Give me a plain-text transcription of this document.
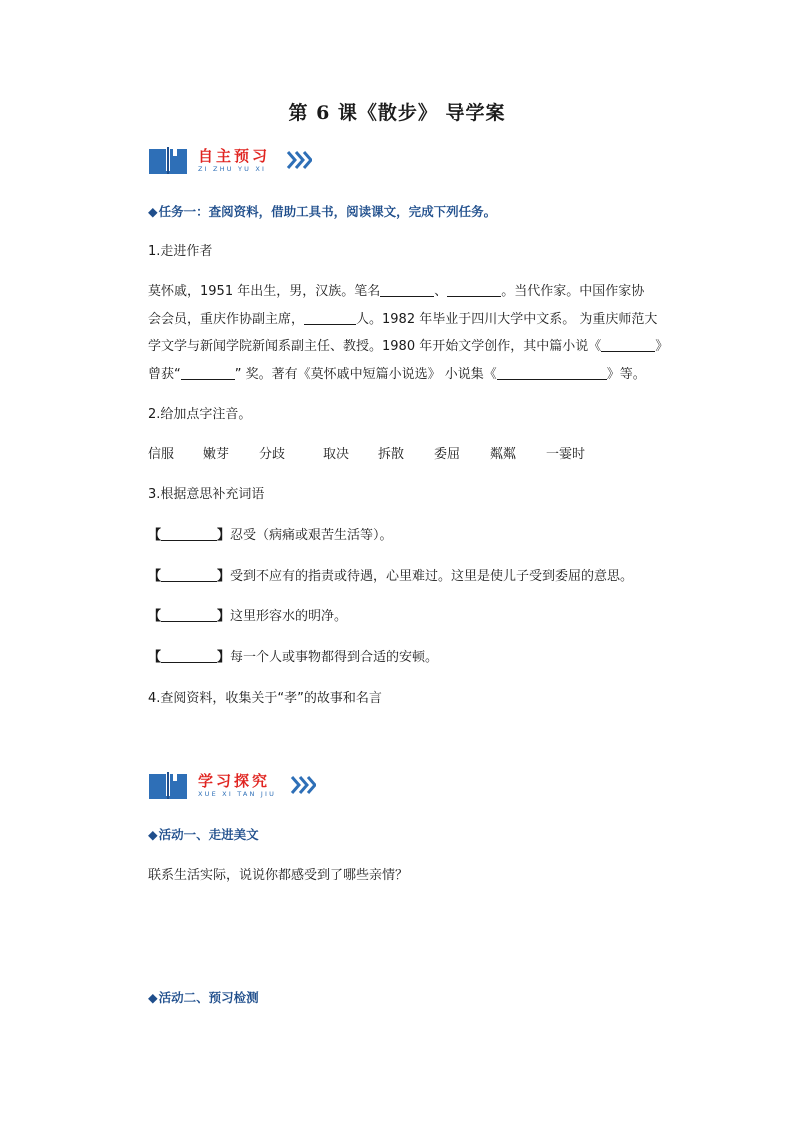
第 6 课《散步》 导学案
自主预习
ZI ZHU YU XI
◆任务一：查阅资料，借助工具书，阅读课文，完成下列任务。
1.走进作者
莫怀戚，1951 年出生，男，汉族。笔名	、	。当代作家。中国作家协
会会员，重庆作协副主席，	人。1982 年毕业于四川大学中文系。 为重庆师范大
学文学与新闻学院新闻系副主任、教授。1980 年开始文学创作，其中篇小说《	》
曾获“	” 奖。著有《莫怀戚中短篇小说选》 小说集《	》等。
2.给加点字注音。
信服 嫩芽 分歧	取决 拆散 委屈 粼粼 一霎时
3.根据意思补充词语
【	】忍受（病痛或艰苦生活等）。
【	】受到不应有的指责或待遇，心里难过。这里是使儿子受到委屈的意思。
【	】这里形容水的明净。
【	】每一个人或事物都得到合适的安顿。
4.查阅资料，收集关于“孝”的故事和名言
学习探究
XUE XI TAN JIU
◆活动一、走进美文
联系生活实际，说说你都感受到了哪些亲情？
◆活动二、预习检测
